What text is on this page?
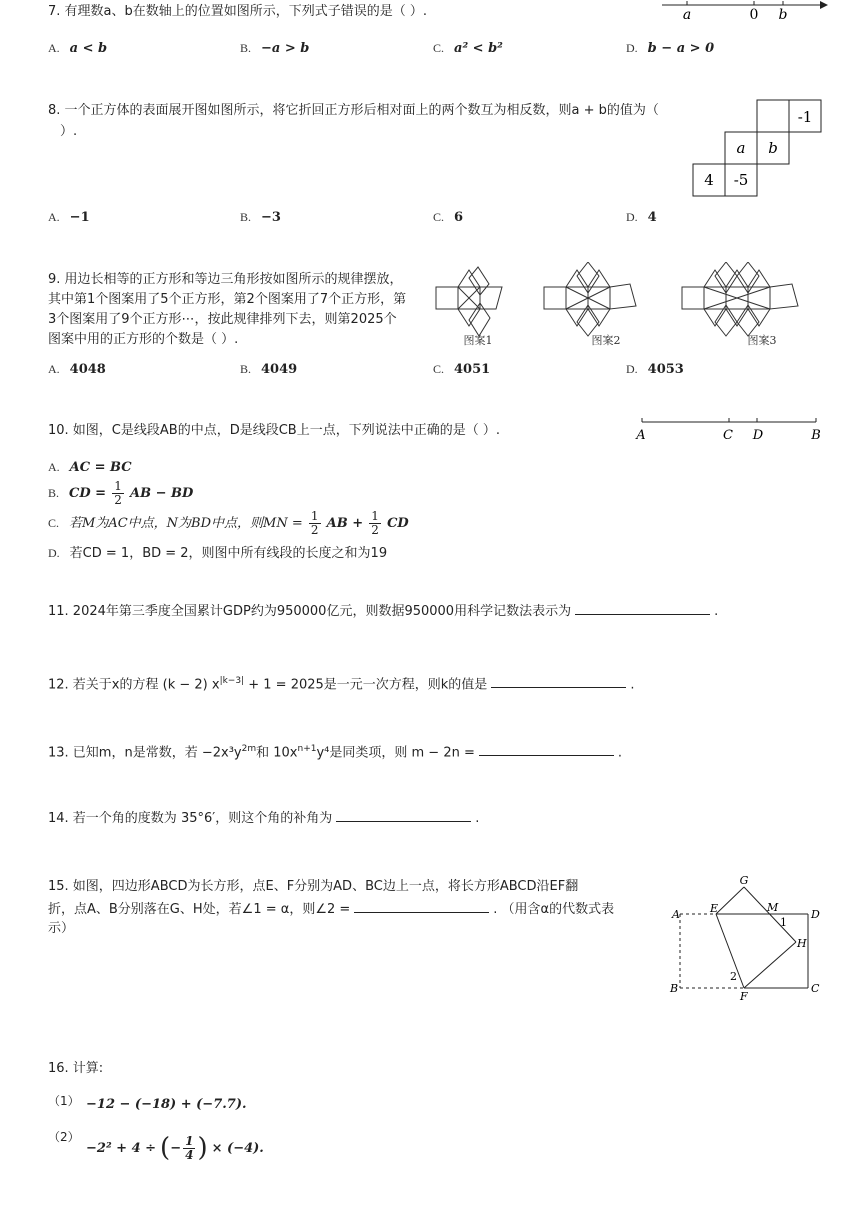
7. 有理数a、b在数轴上的位置如图所示，下列式子错误的是（ ）.	a	0 b
A. a < b	B. −a > b	C. a² < b²	D. b − a > 0
8. 一个正方体的表面展开图如图所示，将它折回正方形后相对面上的两个数互为相反数，则a + b的值为（
）.
-1
a b
4 -5
A. −1	B. −3	C. 6	D. 4
9. 用边长相等的正方形和等边三角形按如图所示的规律摆放，
其中第1个图案用了5个正方形，第2个图案用了7个正方形，第
3个图案用了9个正方形⋯，按此规律排列下去，则第2025个
图案中用的正方形的个数是（ ）.	图案1	图案2	图案3
A. 4048	B. 4049	C. 4051	D. 4053
10. 如图，C是线段AB的中点，D是线段CB上一点，下列说法中正确的是（ ）.	A	C D	B
A. AC = BC
B. CD = $\frac{1}{2}$ AB − BD
C. 若M为AC中点，N为BD中点，则MN = $\frac{1}{2}$ AB + $\frac{1}{2}$ CD
D. 若CD = 1，BD = 2，则图中所有线段的长度之和为19
11. 2024年第三季度全国累计GDP约为950000亿元，则数据950000用科学记数法表示为	.
12. 若关于x的方程 (k − 2) $x^{|k-3|} + 1 = 2025$是一元一次方程，则k的值是	.
13. 已知m，n是常数，若 $-2x^3y^{2m}$和 $10x^{n+1}y^4$是同类项，则 m − 2n =	.
14. 若一个角的度数为 35°6′，则这个角的补角为	.
15. 如图，四边形ABCD为长方形，点E、F分别为AD、BC边上一点，将长方形ABCD沿EF翻
折，点A、B分别落在G、H处，若∠1 = α，则∠2 =	. （用含α的代数式表
示）
G
A	E	M
D
1
H
2
B
F
C
16. 计算:
（1） −12 − (−18) + (−7.7).
（2）
−2² + 4 ÷ ( − $\frac{1}{4}$ ) × (−4).
